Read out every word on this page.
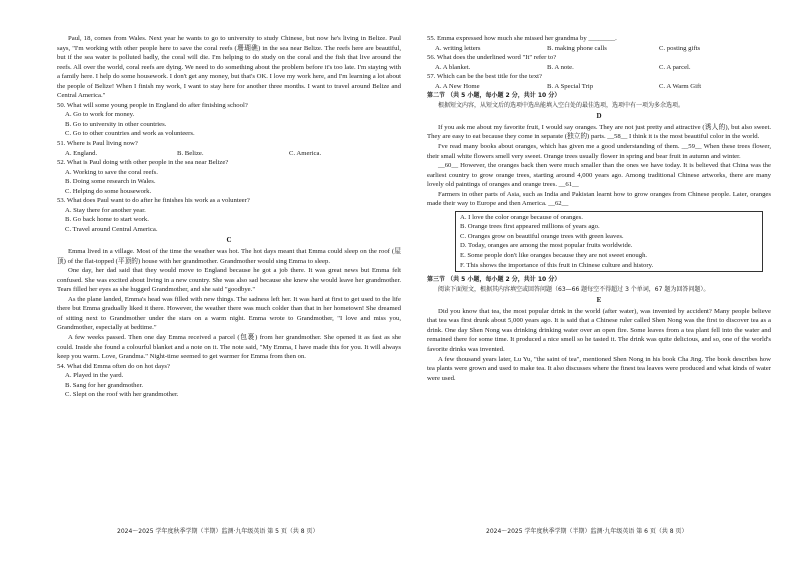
Paul, 18, comes from Wales. Next year he wants to go to university to study Chinese, but now he's living in Belize. Paul says, "I'm working with other people here to save the coral reefs (珊瑚礁) in the sea near Belize. The reefs here are beautiful, but if the sea water is polluted badly, the coral will die. I'm helping to do study on the coral and the fish that live around the reefs. All over the world, coral reefs are dying. We need to do something about the problem before it's too late. I'm staying with a family here. I help do some housework. I don't get any money, but that's OK. I love my work here, and I'm learning a lot about the people of Belize! When I finish my work, I want to stay here for another three months. I want to travel around Belize and Central America."

50. What will some young people in England do after finishing school?

A. Go to work for money.

B. Go to university in other countries.

C. Go to other countries and work as volunteers.

51. Where is Paul living now?

A. England.	B. Belize.	C. America.

52. What is Paul doing with other people in the sea near Belize?

A. Working to save the coral reefs.

B. Doing some research in Wales.

C. Helping do some housework.

53. What does Paul want to do after he finishes his work as a volunteer?

A. Stay there for another year.

B. Go back home to start work.

C. Travel around Central America.

C

Emma lived in a village. Most of the time the weather was hot. The hot days meant that Emma could sleep on the roof (屋顶) of the flat-topped (平顶的) house with her grandmother. Grandmother would sing Emma to sleep.

One day, her dad said that they would move to England because he got a job there. It was great news but Emma felt confused. She was excited about living in a new country. She was also sad because she knew she would leave her grandmother. Tears filled her eyes as she hugged Grandmother, and she said "goodbye."

As the plane landed, Emma's head was filled with new things. The sadness left her. It was hard at first to get used to the life there but Emma gradually liked it there. However, the weather there was much colder than that in her hometown! She dreamed of sitting next to Grandmother under the stars on a warm night. Emma wrote to Grandmother, "I love and miss you, Grandmother, especially at bedtime."

A few weeks passed. Then one day Emma received a parcel (包裹) from her grandmother. She opened it as fast as she could. Inside she found a colourful blanket and a note on it. The note said, "My Emma, I have made this for you. It will always keep you warm. Love, Grandma." Night-time seemed to get warmer for Emma from then on.

54. What did Emma often do on hot days?

A. Played in the yard.

B. Sang for her grandmother.

C. Slept on the roof with her grandmother.

55. Emma expressed how much she missed her grandma by ________.

A. writing letters	B. making phone calls	C. posting gifts

56. What does the underlined word "It" refer to?

A. A blanket.	B. A note.	C. A parcel.

57. Which can be the best title for the text?

A. A New Home	B. A Special Trip	C. A Warm Gift

第二节 （共 5 小题，每小题 2 分，共计 10 分）

根据短文内容，从短文后的选项中选出能填入空白处的最佳选项，选项中有一项为多余选项。

D

If you ask me about my favorite fruit, I would say oranges. They are not just pretty and attractive (诱人的), but also sweet. They are easy to eat because they come in separate (独立的) parts. __58__ I think it is the most beautiful color in the world.

I've read many books about oranges, which has given me a good understanding of them. __59__ When these trees flower, their small white flowers smell very sweet. Orange trees usually flower in spring and bear fruit in autumn and winter.

__60__ However, the oranges back then were much smaller than the ones we have today. It is believed that China was the earliest country to grow orange trees, starting around 4,000 years ago. Among traditional Chinese artworks, there are many lovely old paintings of oranges and orange trees. __61__

Farmers in other parts of Asia, such as India and Pakistan learnt how to grow oranges from Chinese people. Later, oranges made their way to Europe and then America. __62__

A. I love the color orange because of oranges.
B. Orange trees first appeared millions of years ago.
C. Oranges grow on beautiful orange trees with green leaves.
D. Today, oranges are among the most popular fruits worldwide.
E. Some people don't like oranges because they are not sweet enough.
F. This shows the importance of this fruit in Chinese culture and history.

第三节 （共 5 小题，每小题 2 分，共计 10 分）

阅读下面短文，根据其内容填空或回答问题（63—66 题每空不得超过 3 个单词，67 题为回答问题）。

E

Did you know that tea, the most popular drink in the world (after water), was invented by accident? Many people believe that tea was first drunk about 5,000 years ago. It is said that a Chinese ruler called Shen Nong was the first to discover tea as a drink. One day Shen Nong was drinking drinking water over an open fire. Some leaves from a tea plant fell into the water and remained there for some time. It produced a nice smell so he tasted it. The drink was quite delicious, and so, one of the world's favorite drinks was invented.

A few thousand years later, Lu Yu, "the saint of tea", mentioned Shen Nong in his book Cha Jing. The book describes how tea plants were grown and used to make tea. It also discusses where the finest tea leaves were produced and what kinds of water were used.

2024～2025 学年度秋季学期（半期）监测·九年级英语 第 5 页（共 8 页）	2024～2025 学年度秋季学期（半期）监测·九年级英语 第 6 页（共 8 页）
